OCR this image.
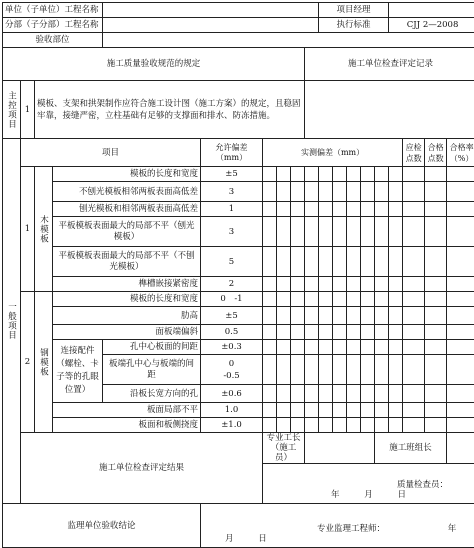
单位（子单位）工程名称										项目经理								
分部（子分部）工程名称										执行标准					CJJ 2—2008			
验收部位																		
施工质量验收规范的规定									施工单位检查评定记录									
主控项目	1	模板、支架和拱架制作应符合施工设计图（施工方案）的规定，且稳固牢靠，接缝严密，立柱基础有足够的支撑面和排水、防冻措施。																
一般项目	项目				允许偏差（mm）	实测偏差（mm）										应检点数	合格点数	合格率（%）
	1	木模板	模板的长度和宽度		±5													
			不刨光模板相邻两板表面高低差		3													
			刨光模板和相邻两板表面高低差		1													
			平板模板表面最大的局部不平（刨光模板）		3													
			平板模板表面最大的局部不平（不刨光模板）		5													
			榫槽嵌接紧密度		2													
	2	钢模板	模板的长度和宽度		0　-1													
			肋高		±5													
			面板端偏斜		0.5													
			连接配件（螺栓、卡子等的孔眼位置）	孔中心板面的间距	±0.3													
				板端孔中心与板端的间距	0
-0.5													
				沿板长宽方向的孔	±0.6													
			板面局部不平		1.0													
			板面和板侧挠度		±1.0													
	施工单位检查评定结果					专业工长（施工员）								施工班组长				
						质量检查员： 年 月 日												
监理单位验收结论					专业监理工程师： 年 月 日													
